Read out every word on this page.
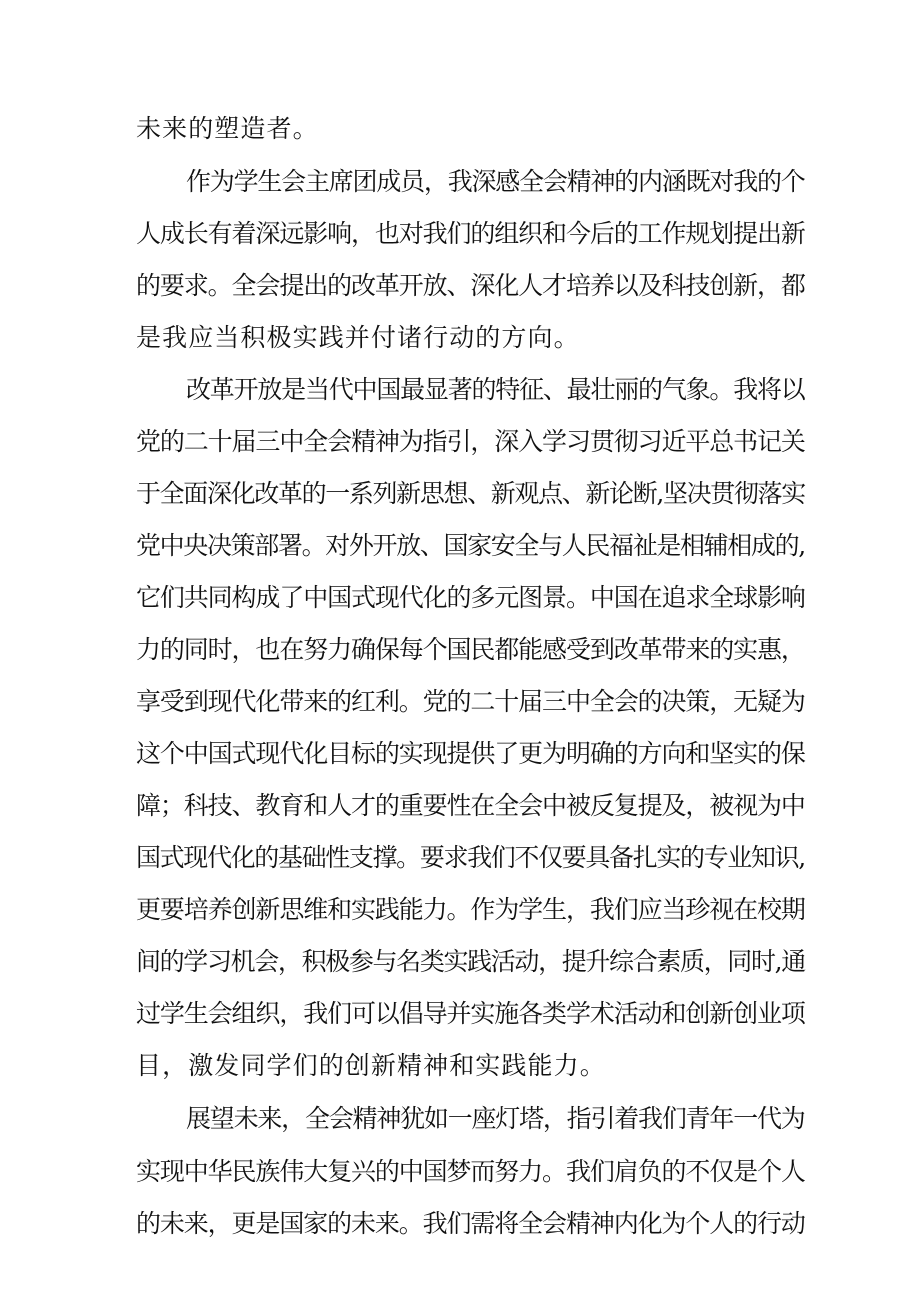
未来的塑造者。
作为学生会主席团成员，我深感全会精神的内涵既对我的个
人成长有着深远影响，也对我们的组织和今后的工作规划提出新
的要求。全会提出的改革开放、深化人才培养以及科技创新，都
是我应当积极实践并付诸行动的方向。
改革开放是当代中国最显著的特征、最壮丽的气象。我将以
党的二十届三中全会精神为指引，深入学习贯彻习近平总书记关
于全面深化改革的一系列新思想、新观点、新论断,坚决贯彻落实
党中央决策部署。对外开放、国家安全与人民福祉是相辅相成的,
它们共同构成了中国式现代化的多元图景。中国在追求全球影响
力的同时，也在努力确保每个国民都能感受到改革带来的实惠，
享受到现代化带来的红利。党的二十届三中全会的决策，无疑为
这个中国式现代化目标的实现提供了更为明确的方向和坚实的保
障；科技、教育和人才的重要性在全会中被反复提及，被视为中
国式现代化的基础性支撑。要求我们不仅要具备扎实的专业知识,
更要培养创新思维和实践能力。作为学生，我们应当珍视在校期
间的学习机会，积极参与名类实践活动，提升综合素质，同时,通
过学生会组织，我们可以倡导并实施各类学术活动和创新创业项
目，激发同学们的创新精神和实践能力。
展望未来，全会精神犹如一座灯塔，指引着我们青年一代为
实现中华民族伟大复兴的中国梦而努力。我们肩负的不仅是个人
的未来，更是国家的未来。我们需将全会精神内化为个人的行动
